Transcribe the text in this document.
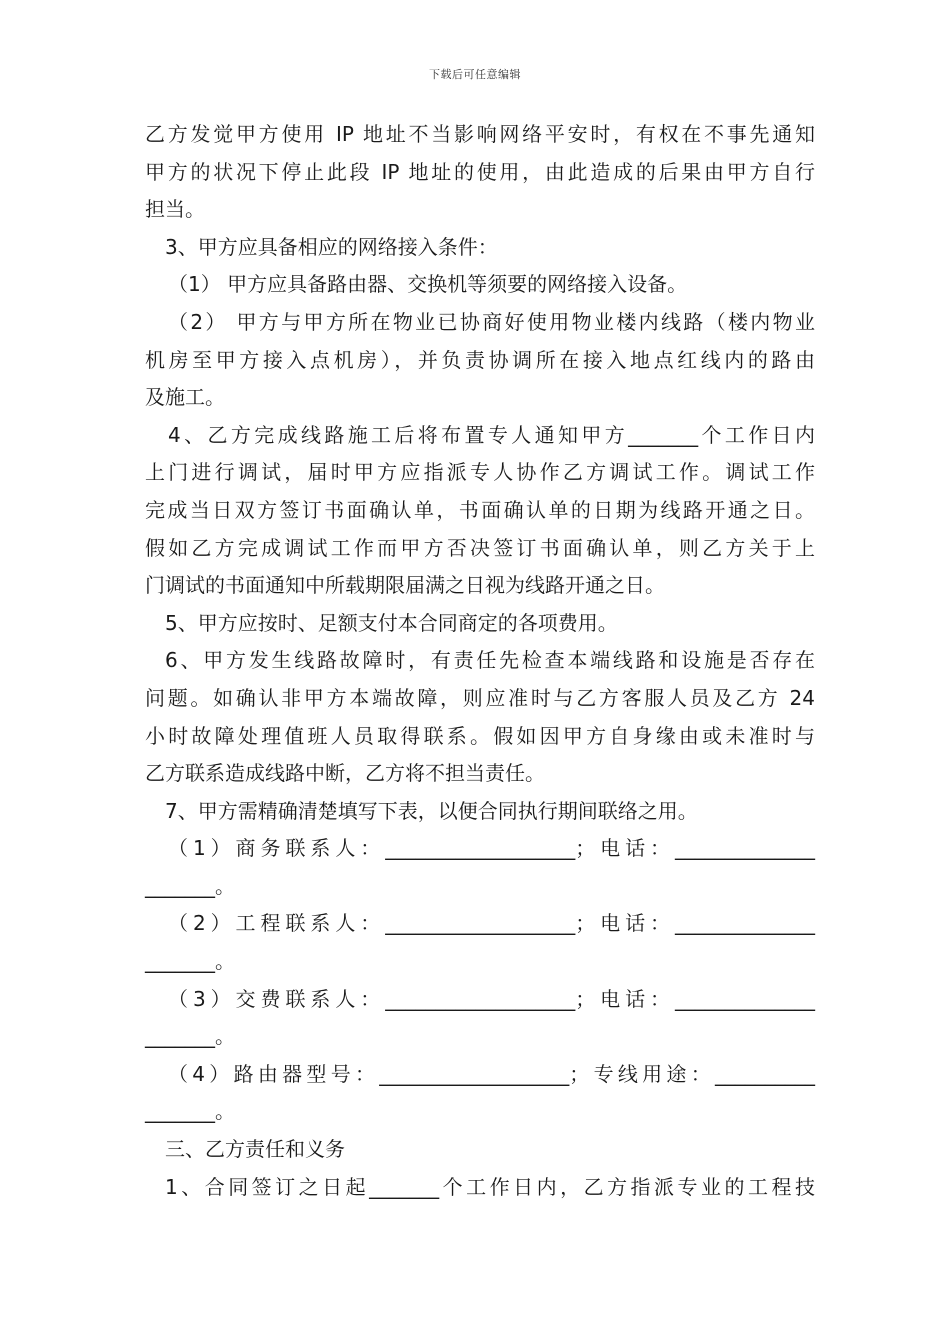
下载后可任意编辑

乙方发觉甲方使用 IP 地址不当影响网络平安时，有权在不事先通知

甲方的状况下停止此段 IP 地址的使用，由此造成的后果由甲方自行

担当。

3、甲方应具备相应的网络接入条件：

（1） 甲方应具备路由器、交换机等须要的网络接入设备。

（2） 甲方与甲方所在物业已协商好使用物业楼内线路（楼内物业

机房至甲方接入点机房），并负责协调所在接入地点红线内的路由

及施工。

4、乙方完成线路施工后将布置专人通知甲方_______个工作日内

上门进行调试，届时甲方应指派专人协作乙方调试工作。调试工作

完成当日双方签订书面确认单，书面确认单的日期为线路开通之日。

假如乙方完成调试工作而甲方否决签订书面确认单，则乙方关于上

门调试的书面通知中所载期限届满之日视为线路开通之日。

5、甲方应按时、足额支付本合同商定的各项费用。

6、甲方发生线路故障时，有责任先检查本端线路和设施是否存在

问题。如确认非甲方本端故障，则应准时与乙方客服人员及乙方 24

小时故障处理值班人员取得联系。假如因甲方自身缘由或未准时与

乙方联系造成线路中断，乙方将不担当责任。

7、甲方需精确清楚填写下表，以便合同执行期间联络之用。

（1）商务联系人：___________________；电话：______________

_______。

（2）工程联系人：___________________；电话：______________

_______。

（3）交费联系人：___________________；电话：______________

_______。

（4）路由器型号：___________________；专线用途：__________

_______。

三、乙方责任和义务

1、合同签订之日起_______个工作日内，乙方指派专业的工程技
